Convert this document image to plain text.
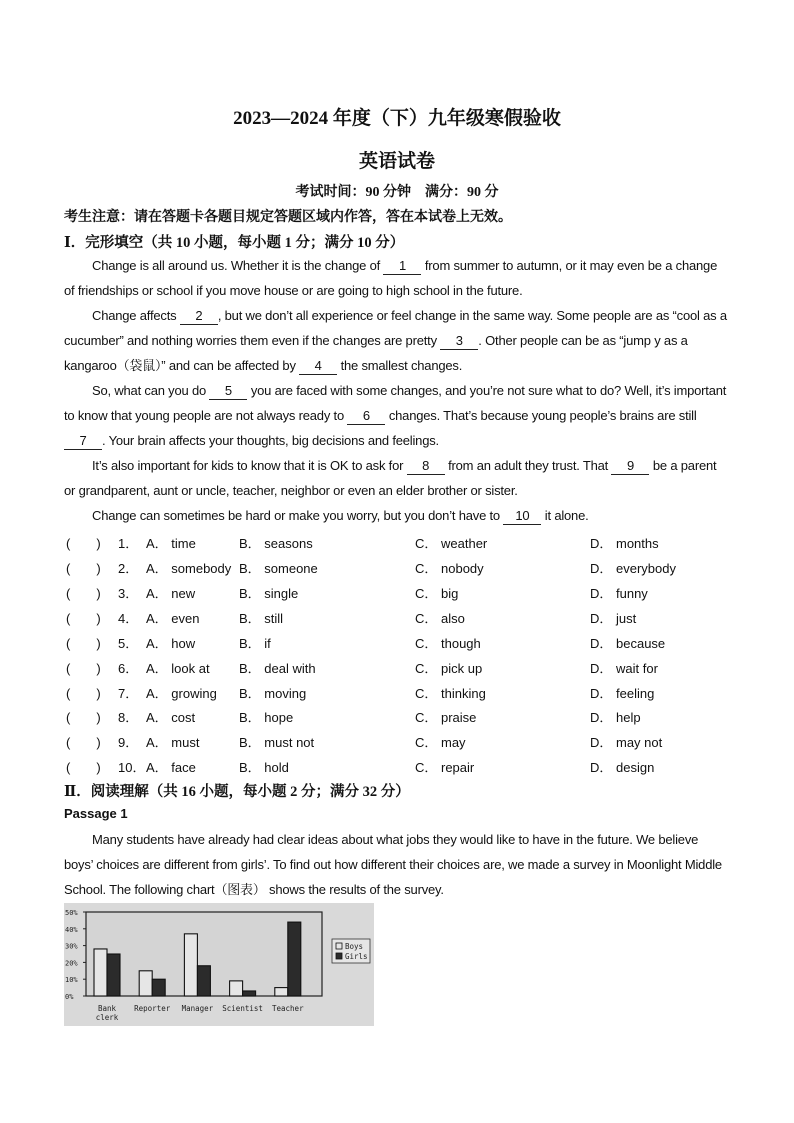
2023—2024 年度（下）九年级寒假验收
英语试卷
考试时间：90 分钟　满分：90 分
考生注意：请在答题卡各题目规定答题区域内作答，答在本试卷上无效。
Ⅰ．完形填空（共 10 小题，每小题 1 分；满分 10 分）
Change is all around us. Whether it is the change of 1 from summer to autumn, or it may even be a change of friendships or school if you move house or are going to high school in the future.
Change affects 2 , but we don’t all experience or feel change in the same way. Some people are as “cool as a cucumber” and nothing worries them even if the changes are pretty 3 . Other people can be as “jump y as a kangaroo（袋鼠）” and can be affected by 4 the smallest changes.
So, what can you do 5 you are faced with some changes, and you’re not sure what to do? Well, it’s important to know that young people are not always ready to 6 changes. That’s because young people’s brains are still 7 . Your brain affects your thoughts, big decisions and feelings.
It’s also important for kids to know that it is OK to ask for 8 from an adult they trust. That 9 be a parent or grandparent, aunt or uncle, teacher, neighbor or even an elder brother or sister.
Change can sometimes be hard or make you worry, but you don’t have to 10 it alone.
(　　) 1． A． time	B． seasons	C． weather	D． months
(　　) 2． A． somebody B． someone	C． nobody	D． everybody
(　　) 3． A． new	B． single	C． big	D． funny
(　　) 4． A． even	B． still	C． also	D． just
(　　) 5． A． how	B． if	C． though	D． because
(　　) 6． A． look at B． deal with	C． pick up	D． wait for
(　　) 7． A． growing B． moving	C． thinking	D． feeling
(　　) 8． A． cost	B． hope	C． praise	D． help
(　　) 9． A． must	B． must not	C． may	D． may not
(　　) 10． A． face	B． hold	C． repair	D． design
Ⅱ．阅读理解（共 16 小题，每小题 2 分；满分 32 分）
Passage 1
Many students have already had clear ideas about what jobs they would like to have in the future. We believe boys’ choices are different from girls’. To find out how different their choices are, we made a survey in Moonlight Middle School. The following chart（图表） shows the results of the survey.
0%
10%
20%
30%
40%
50%
Bank
clerk
Reporter Manager Scientist Teacher
Boys
Girls
